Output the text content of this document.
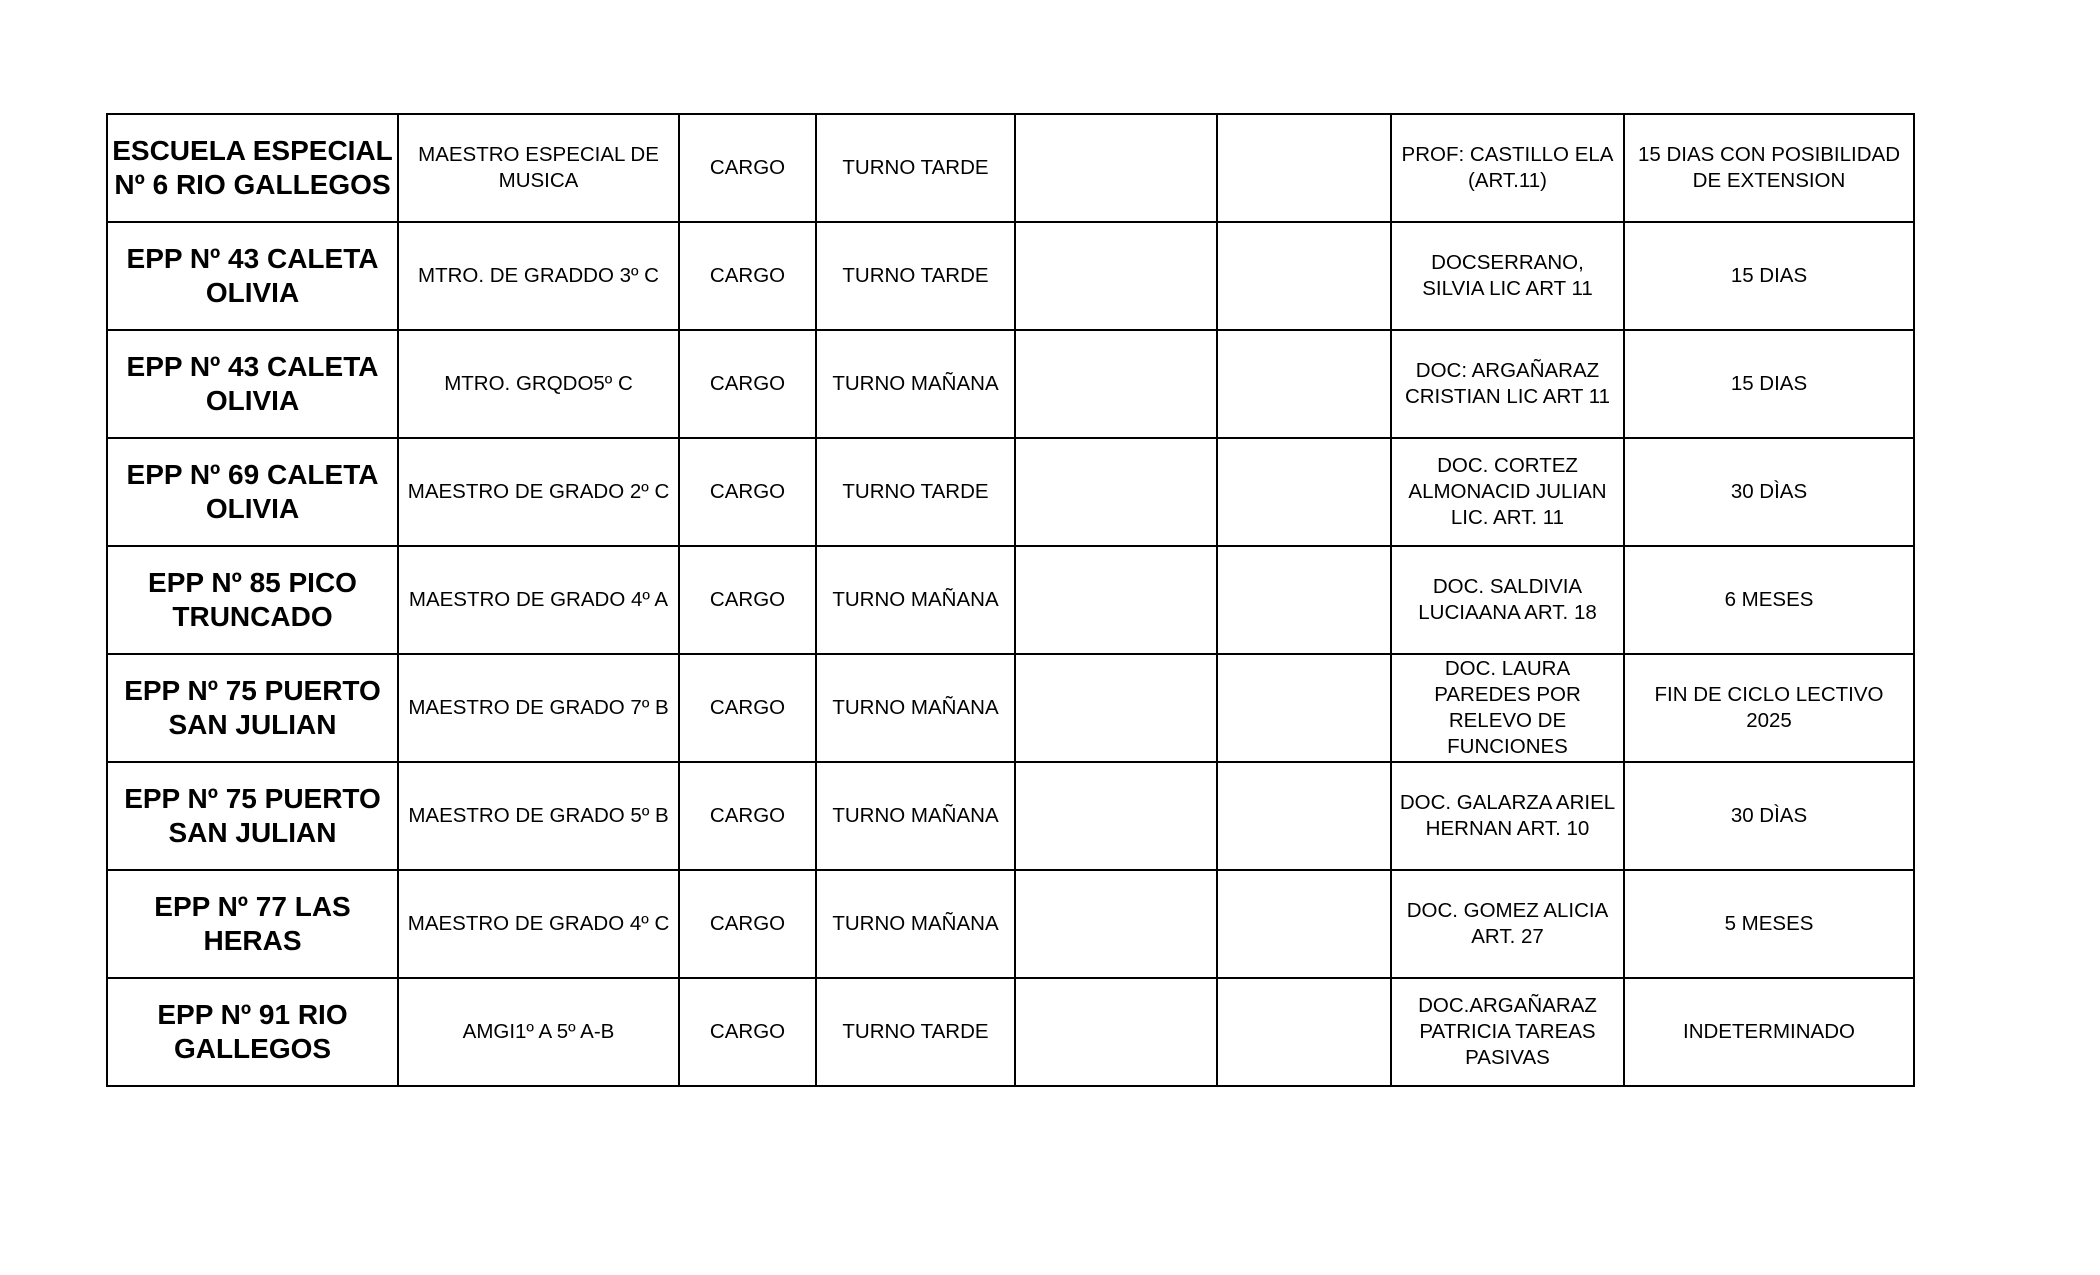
ESCUELA ESPECIAL Nº 6 RIO GALLEGOS	MAESTRO ESPECIAL DE MUSICA	CARGO	TURNO TARDE			PROF: CASTILLO ELA (ART.11)	15 DIAS CON POSIBILIDAD DE EXTENSION
EPP Nº 43 CALETA OLIVIA	MTRO. DE GRADDO 3º C	CARGO	TURNO TARDE			DOCSERRANO, SILVIA LIC ART 11	15 DIAS
EPP Nº 43 CALETA OLIVIA	MTRO. GRQDO5º C	CARGO	TURNO MAÑANA			DOC: ARGAÑARAZ CRISTIAN LIC ART 11	15 DIAS
EPP Nº 69 CALETA OLIVIA	MAESTRO DE GRADO 2º C	CARGO	TURNO TARDE			DOC. CORTEZ ALMONACID JULIAN LIC. ART. 11	30 DÌAS
EPP Nº 85 PICO TRUNCADO	MAESTRO DE GRADO 4º A	CARGO	TURNO MAÑANA			DOC. SALDIVIA LUCIAANA ART. 18	6 MESES
EPP Nº 75 PUERTO SAN JULIAN	MAESTRO DE GRADO 7º B	CARGO	TURNO MAÑANA			DOC. LAURA PAREDES POR RELEVO DE FUNCIONES	FIN DE CICLO LECTIVO 2025
EPP Nº 75 PUERTO SAN JULIAN	MAESTRO DE GRADO 5º B	CARGO	TURNO MAÑANA			DOC. GALARZA ARIEL HERNAN ART. 10	30 DÌAS
EPP Nº 77 LAS HERAS	MAESTRO DE GRADO 4º C	CARGO	TURNO MAÑANA			DOC. GOMEZ ALICIA ART. 27	5 MESES
EPP Nº 91 RIO GALLEGOS	AMGI1º A 5º A-B	CARGO	TURNO TARDE			DOC.ARGAÑARAZ PATRICIA TAREAS PASIVAS	INDETERMINADO
